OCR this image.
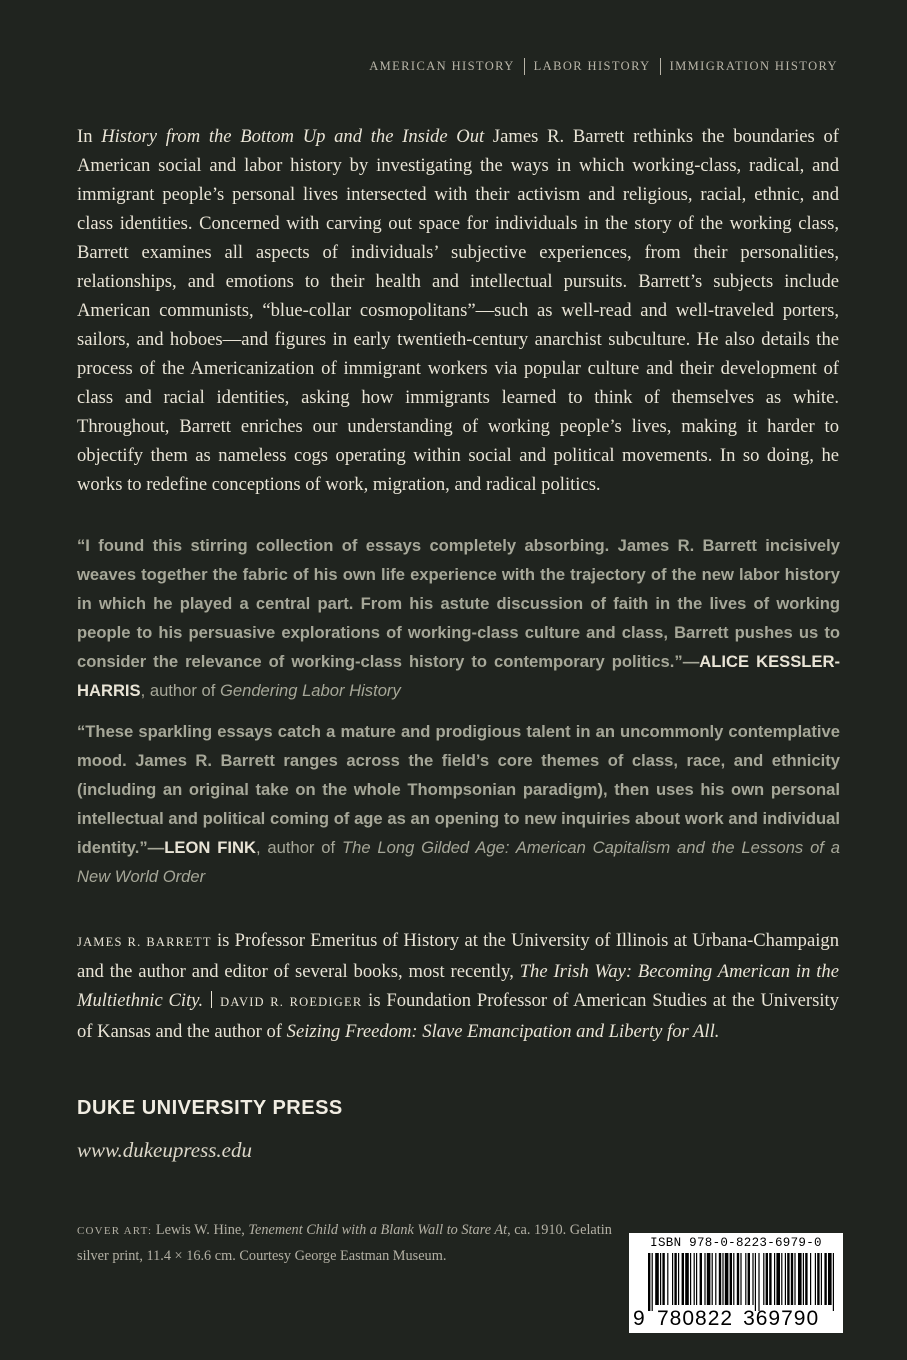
AMERICAN HISTORY LABOR HISTORY IMMIGRATION HISTORY

In History from the Bottom Up and the Inside Out James R. Barrett rethinks the boundaries of American social and labor history by investigating the ways in which working-class, radical, and immigrant people’s personal lives intersected with their activism and religious, racial, ethnic, and class identities. Concerned with carving out space for individuals in the story of the working class, Barrett examines all aspects of individuals’ subjective experiences, from their personalities, relationships, and emotions to their health and intellectual pursuits. Barrett’s subjects include American communists, “blue-collar cosmopolitans”—such as well-read and well-traveled porters, sailors, and hoboes—and figures in early twentieth-century anarchist subculture. He also details the process of the Americanization of immigrant workers via popular culture and their development of class and racial identities, asking how immigrants learned to think of themselves as white. Throughout, Barrett enriches our understanding of working people’s lives, making it harder to objectify them as nameless cogs operating within social and political movements. In so doing, he works to redefine conceptions of work, migration, and radical politics.

“I found this stirring collection of essays completely absorbing. James R. Barrett incisively weaves together the fabric of his own life experience with the trajectory of the new labor history in which he played a central part. From his astute discussion of faith in the lives of working people to his persuasive explorations of working-class culture and class, Barrett pushes us to consider the relevance of working-class history to contemporary politics.”—ALICE KESSLER-HARRIS, author of Gendering Labor History

“These sparkling essays catch a mature and prodigious talent in an uncommonly contemplative mood. James R. Barrett ranges across the field’s core themes of class, race, and ethnicity (including an original take on the whole Thompsonian paradigm), then uses his own personal intellectual and political coming of age as an opening to new inquiries about work and individual identity.”—LEON FINK, author of The Long Gilded Age: American Capitalism and the Lessons of a New World Order

JAMES R. BARRETT is Professor Emeritus of History at the University of Illinois at Urbana-Champaign and the author and editor of several books, most recently, The Irish Way: Becoming American in the Multiethnic City. DAVID R. ROEDIGER is Foundation Professor of American Studies at the University of Kansas and the author of Seizing Freedom: Slave Emancipation and Liberty for All.

DUKE UNIVERSITY PRESS
www.dukeupress.edu

COVER ART: Lewis W. Hine, Tenement Child with a Blank Wall to Stare At, ca. 1910. Gelatin silver print, 11.4 × 16.6 cm. Courtesy George Eastman Museum.

ISBN 978-0-8223-6979-0
9 780822 369790
